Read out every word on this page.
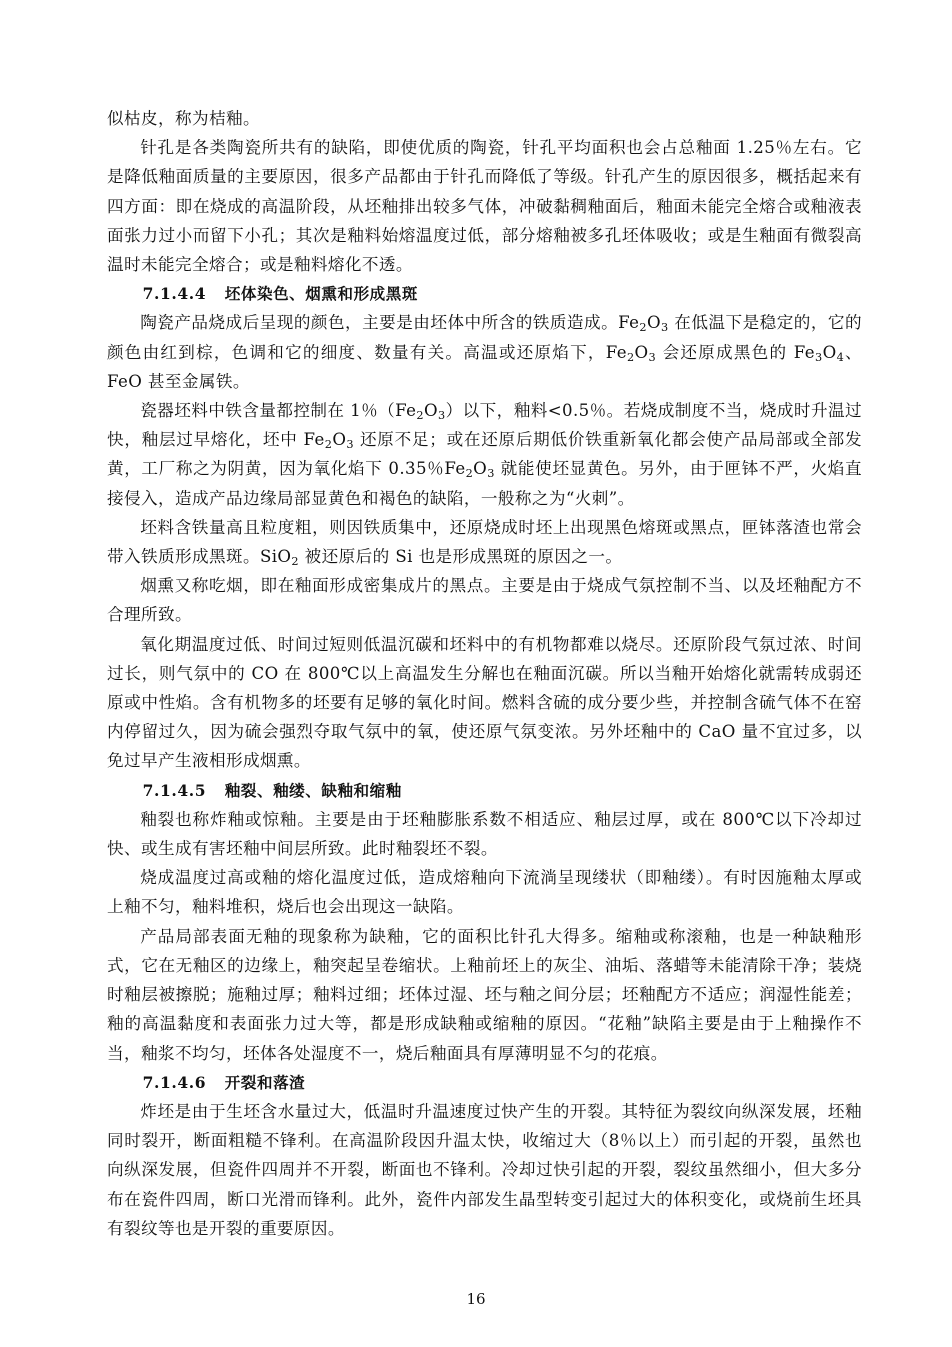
似枯皮，称为桔釉。

针孔是各类陶瓷所共有的缺陷，即使优质的陶瓷，针孔平均面积也会占总釉面 1.25％左右。它是降低釉面质量的主要原因，很多产品都由于针孔而降低了等级。针孔产生的原因很多，概括起来有四方面：即在烧成的高温阶段，从坯釉排出较多气体，冲破黏稠釉面后，釉面未能完全熔合或釉液表面张力过小而留下小孔；其次是釉料始熔温度过低，部分熔釉被多孔坯体吸收；或是生釉面有微裂高温时未能完全熔合；或是釉料熔化不透。

7.1.4.4 坯体染色、烟熏和形成黑斑

陶瓷产品烧成后呈现的颜色，主要是由坯体中所含的铁质造成。$Fe_2O_3$ 在低温下是稳定的，它的颜色由红到棕，色调和它的细度、数量有关。高温或还原焰下，$Fe_2O_3$ 会还原成黑色的 $Fe_3O_4$、FeO 甚至金属铁。

瓷器坯料中铁含量都控制在 1％$(Fe_2O_3)$以下，釉料<0.5％。若烧成制度不当，烧成时升温过快，釉层过早熔化，坯中 $Fe_2O_3$ 还原不足；或在还原后期低价铁重新氧化都会使产品局部或全部发黄，工厂称之为阴黄，因为氧化焰下 0.35％$Fe_2O_3$ 就能使坯显黄色。另外，由于匣钵不严，火焰直接侵入，造成产品边缘局部显黄色和褐色的缺陷，一般称之为“火刺”。

坯料含铁量高且粒度粗，则因铁质集中，还原烧成时坯上出现黑色熔斑或黑点，匣钵落渣也常会带入铁质形成黑斑。SiO$_2$ 被还原后的 Si 也是形成黑斑的原因之一。

烟熏又称吃烟，即在釉面形成密集成片的黑点。主要是由于烧成气氛控制不当、以及坯釉配方不合理所致。

氧化期温度过低、时间过短则低温沉碳和坯料中的有机物都难以烧尽。还原阶段气氛过浓、时间过长，则气氛中的 CO 在 800℃以上高温发生分解也在釉面沉碳。所以当釉开始熔化就需转成弱还原或中性焰。含有机物多的坯要有足够的氧化时间。燃料含硫的成分要少些，并控制含硫气体不在窑内停留过久，因为硫会强烈夺取气氛中的氧，使还原气氛变浓。另外坯釉中的 CaO 量不宜过多，以免过早产生液相形成烟熏。

7.1.4.5 釉裂、釉缕、缺釉和缩釉

釉裂也称炸釉或惊釉。主要是由于坯釉膨胀系数不相适应、釉层过厚，或在 800℃以下冷却过快、或生成有害坯釉中间层所致。此时釉裂坯不裂。

烧成温度过高或釉的熔化温度过低，造成熔釉向下流淌呈现缕状（即釉缕）。有时因施釉太厚或上釉不匀，釉料堆积，烧后也会出现这一缺陷。

产品局部表面无釉的现象称为缺釉，它的面积比针孔大得多。缩釉或称滚釉，也是一种缺釉形式，它在无釉区的边缘上，釉突起呈卷缩状。上釉前坯上的灰尘、油垢、落蜡等未能清除干净；装烧时釉层被擦脱；施釉过厚；釉料过细；坯体过湿、坯与釉之间分层；坯釉配方不适应；润湿性能差；釉的高温黏度和表面张力过大等，都是形成缺釉或缩釉的原因。“花釉”缺陷主要是由于上釉操作不当，釉浆不均匀，坯体各处湿度不一，烧后釉面具有厚薄明显不匀的花痕。

7.1.4.6 开裂和落渣

炸坯是由于生坯含水量过大，低温时升温速度过快产生的开裂。其特征为裂纹向纵深发展，坯釉同时裂开，断面粗糙不锋利。在高温阶段因升温太快，收缩过大（8％以上）而引起的开裂，虽然也向纵深发展，但瓷件四周并不开裂，断面也不锋利。冷却过快引起的开裂，裂纹虽然细小，但大多分布在瓷件四周，断口光滑而锋利。此外，瓷件内部发生晶型转变引起过大的体积变化，或烧前生坯具有裂纹等也是开裂的重要原因。

16
